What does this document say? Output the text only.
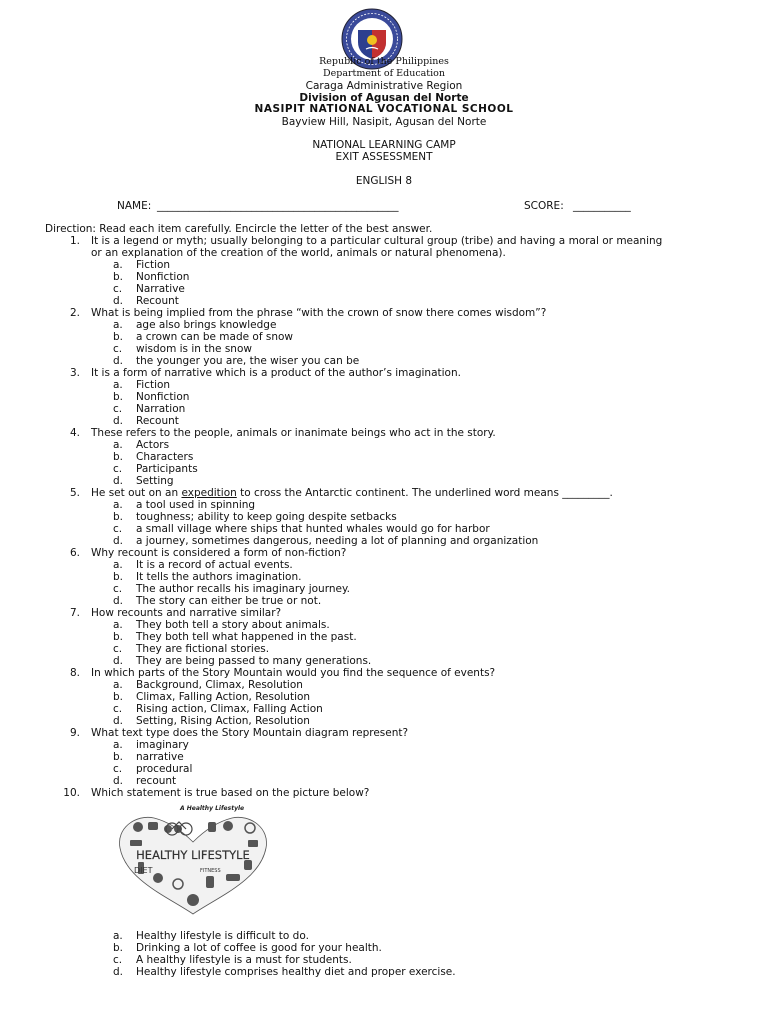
Republic of the Philippines
Department of Education
Caraga Administrative Region
Division of Agusan del Norte
NASIPIT NATIONAL VOCATIONAL SCHOOL
Bayview Hill, Nasipit, Agusan del Norte
NATIONAL LEARNING CAMP
EXIT ASSESSMENT
ENGLISH 8
NAME: ______________________________________________	SCORE: ___________
Direction: Read each item carefully. Encircle the letter of the best answer.
1. It is a legend or myth; usually belonging to a particular cultural group (tribe) and having a moral or meaning
or an explanation of the creation of the world, animals or natural phenomena).
a. Fiction
b. Nonfiction
c. Narrative
d. Recount
2. What is being implied from the phrase “with the crown of snow there comes wisdom”?
a. age also brings knowledge
b. a crown can be made of snow
c. wisdom is in the snow
d. the younger you are, the wiser you can be
3. It is a form of narrative which is a product of the author’s imagination.
a. Fiction
b. Nonfiction
c. Narration
d. Recount
4. These refers to the people, animals or inanimate beings who act in the story.
a. Actors
b. Characters
c. Participants
d. Setting
5. He set out on an expedition to cross the Antarctic continent. The underlined word means _________.
a. a tool used in spinning
b. toughness; ability to keep going despite setbacks
c. a small village where ships that hunted whales would go for harbor
d. a journey, sometimes dangerous, needing a lot of planning and organization
6. Why recount is considered a form of non-fiction?
a. It is a record of actual events.
b. It tells the authors imagination.
c. The author recalls his imaginary journey.
d. The story can either be true or not.
7. How recounts and narrative similar?
a. They both tell a story about animals.
b. They both tell what happened in the past.
c. They are fictional stories.
d. They are being passed to many generations.
8. In which parts of the Story Mountain would you find the sequence of events?
a. Background, Climax, Resolution
b. Climax, Falling Action, Resolution
c. Rising action, Climax, Falling Action
d. Setting, Rising Action, Resolution
9. What text type does the Story Mountain diagram represent?
a. imaginary
b. narrative
c. procedural
d. recount
10. Which statement is true based on the picture below?
A Healthy Lifestyle
HEALTHY LIFESTYLE
DIET	FITNESS
a. Healthy lifestyle is difficult to do.
b. Drinking a lot of coffee is good for your health.
c. A healthy lifestyle is a must for students.
d. Healthy lifestyle comprises healthy diet and proper exercise.
